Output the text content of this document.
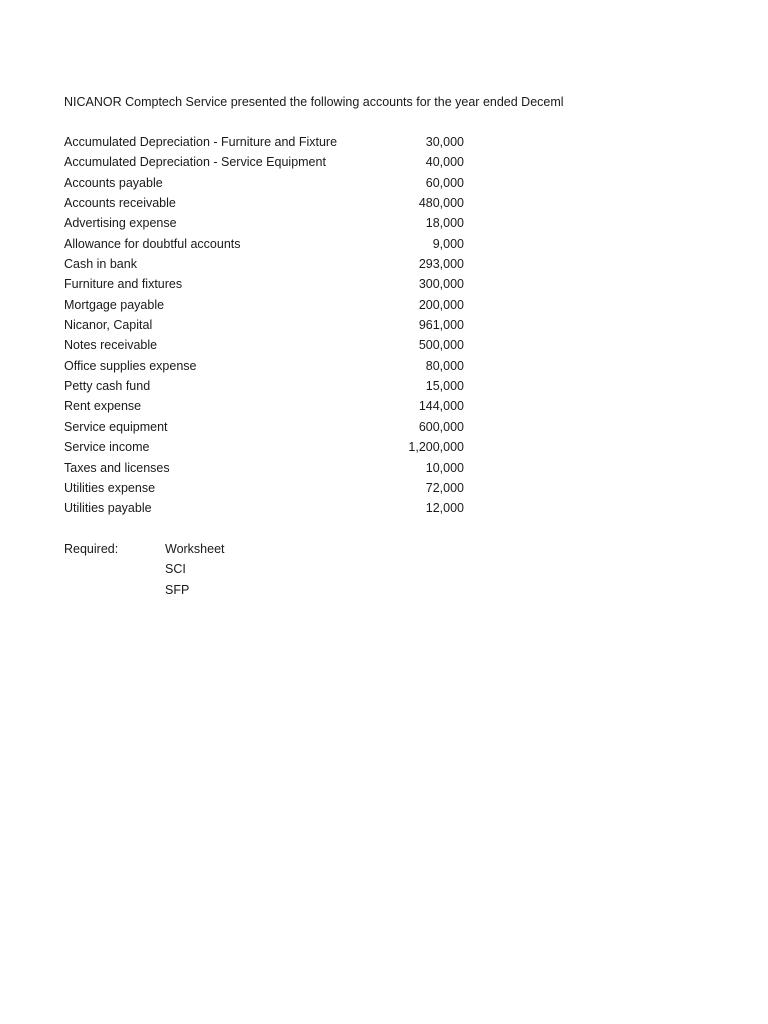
NICANOR Comptech Service presented the following accounts for the year ended Deceml
Accumulated Depreciation - Furniture and Fixture	30,000
Accumulated Depreciation - Service Equipment	40,000
Accounts payable	60,000
Accounts receivable	480,000
Advertising expense	18,000
Allowance for doubtful accounts	9,000
Cash in bank	293,000
Furniture and fixtures	300,000
Mortgage payable	200,000
Nicanor, Capital	961,000
Notes receivable	500,000
Office supplies expense	80,000
Petty cash fund	15,000
Rent expense	144,000
Service equipment	600,000
Service income	1,200,000
Taxes and licenses	10,000
Utilities expense	72,000
Utilities payable	12,000
Required:	Worksheet
SCI
SFP
